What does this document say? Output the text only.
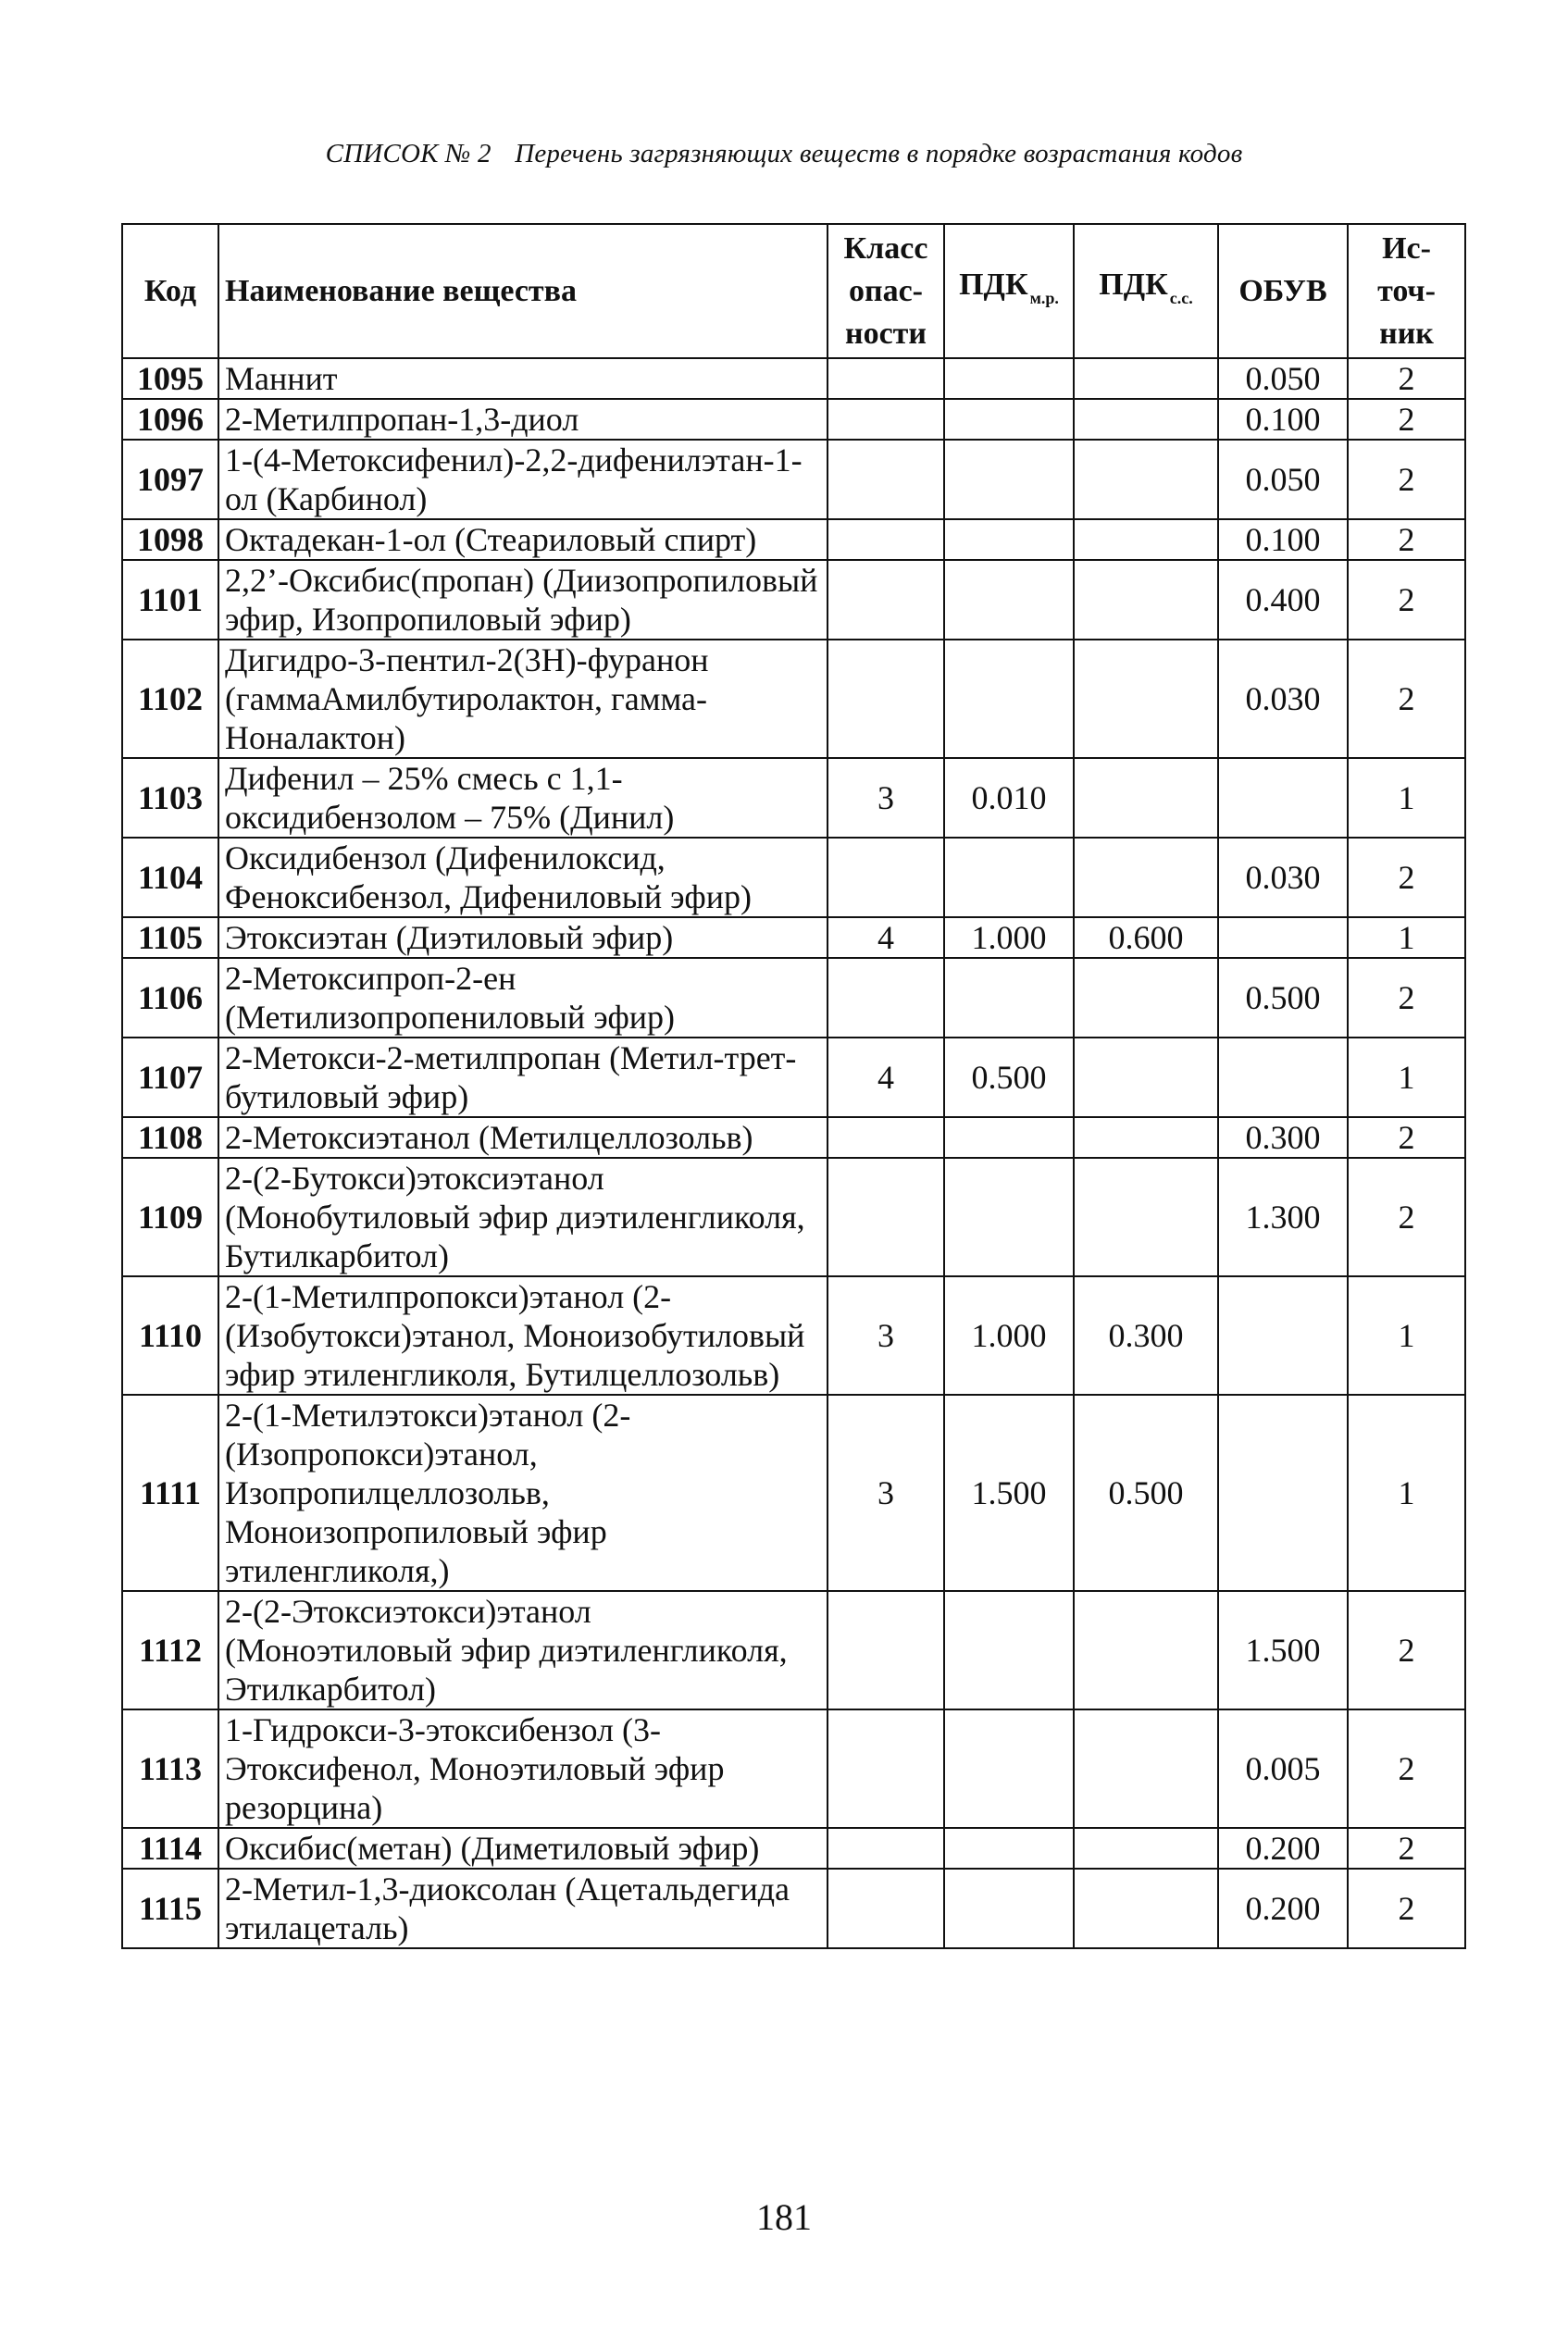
СПИСОК № 2 Перечень загрязняющих веществ в порядке возрастания кодов
Код	Наименование вещества	Класс опас- ности	ПДК $_{м.р.}$	ПДК $_{с.с.}$	ОБУВ	Ис- точ- ник
1095	Маннит				0.050	2
1096	2-Метилпропан-1,3-диол				0.100	2
1097	1-(4-Метоксифенил)-2,2-дифенилэтан-1-ол (Карбинол)				0.050	2
1098	Октадекан-1-ол (Стеариловый спирт)				0.100	2
1101	2,2’-Оксибис(пропан) (Диизопропиловый эфир, Изопропиловый эфир)				0.400	2
1102	Дигидро-3-пентил-2(3Н)-фуранон (гаммаАмилбутиролактон, гамма-Ноналактон)				0.030	2
1103	Дифенил – 25% смесь с 1,1-оксидибензолом – 75% (Динил)	3	0.010			1
1104	Оксидибензол (Дифенилоксид, Феноксибензол, Дифениловый эфир)				0.030	2
1105	Этоксиэтан (Диэтиловый эфир)	4	1.000	0.600		1
1106	2-Метоксипроп-2-ен (Метилизопропениловый эфир)				0.500	2
1107	2-Метокси-2-метилпропан (Метил-трет-бутиловый эфир)	4	0.500			1
1108	2-Метоксиэтанол (Метилцеллозольв)				0.300	2
1109	2-(2-Бутокси)этоксиэтанол (Монобутиловый эфир диэтиленгликоля, Бутилкарбитол)				1.300	2
1110	2-(1-Метилпропокси)этанол (2-(Изобутокси)этанол, Моноизобутиловый эфир этиленгликоля, Бутилцеллозольв)	3	1.000	0.300		1
1111	2-(1-Метилэтокси)этанол (2-(Изопропокси)этанол, Изопропилцеллозольв, Моноизопропиловый эфир этиленгликоля,)	3	1.500	0.500		1
1112	2-(2-Этоксиэтокси)этанол (Моноэтиловый эфир диэтиленгликоля, Этилкарбитол)				1.500	2
1113	1-Гидрокси-3-этоксибензол (3-Этоксифенол, Моноэтиловый эфир резорцина)				0.005	2
1114	Оксибис(метан) (Диметиловый эфир)				0.200	2
1115	2-Метил-1,3-диоксолан (Ацетальдегида этилацеталь)				0.200	2
181
